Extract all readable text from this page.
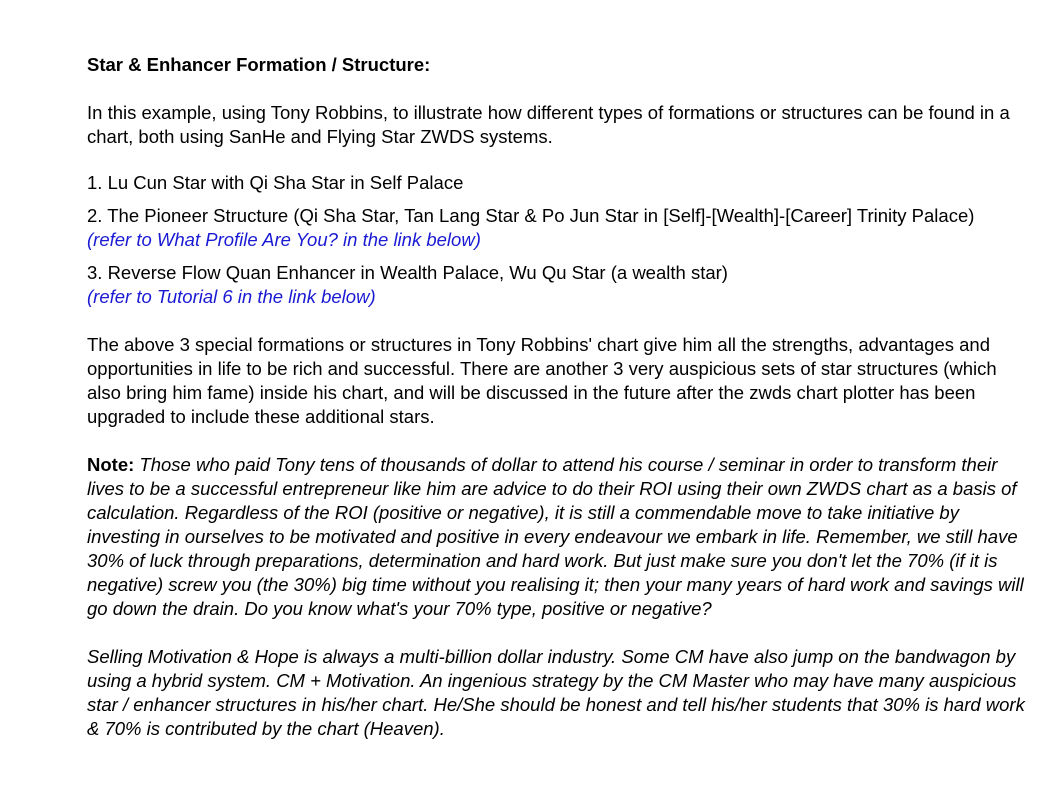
Star & Enhancer Formation / Structure:

In this example, using Tony Robbins, to illustrate how different types of formations or structures can be found in a chart, both using SanHe and Flying Star ZWDS systems.

1. Lu Cun Star with Qi Sha Star in Self Palace

2. The Pioneer Structure (Qi Sha Star, Tan Lang Star & Po Jun Star in [Self]-[Wealth]-[Career] Trinity Palace)

(refer to What Profile Are You? in the link below)

3. Reverse Flow Quan Enhancer in Wealth Palace, Wu Qu Star (a wealth star)

(refer to Tutorial 6 in the link below)

The above 3 special formations or structures in Tony Robbins' chart give him all the strengths, advantages and opportunities in life to be rich and successful. There are another 3 very auspicious sets of star structures (which also bring him fame) inside his chart, and will be discussed in the future after the zwds chart plotter has been upgraded to include these additional stars.

Note: Those who paid Tony tens of thousands of dollar to attend his course / seminar in order to transform their lives to be a successful entrepreneur like him are advice to do their ROI using their own ZWDS chart as a basis of calculation. Regardless of the ROI (positive or negative), it is still a commendable move to take initiative by investing in ourselves to be motivated and positive in every endeavour we embark in life. Remember, we still have 30% of luck through preparations, determination and hard work. But just make sure you don't let the 70% (if it is negative) screw you (the 30%) big time without you realising it; then your many years of hard work and savings will go down the drain. Do you know what's your 70% type, positive or negative?

Selling Motivation & Hope is always a multi-billion dollar industry. Some CM have also jump on the bandwagon by using a hybrid system. CM + Motivation. An ingenious strategy by the CM Master who may have many auspicious star / enhancer structures in his/her chart. He/She should be honest and tell his/her students that 30% is hard work & 70% is contributed by the chart (Heaven).
